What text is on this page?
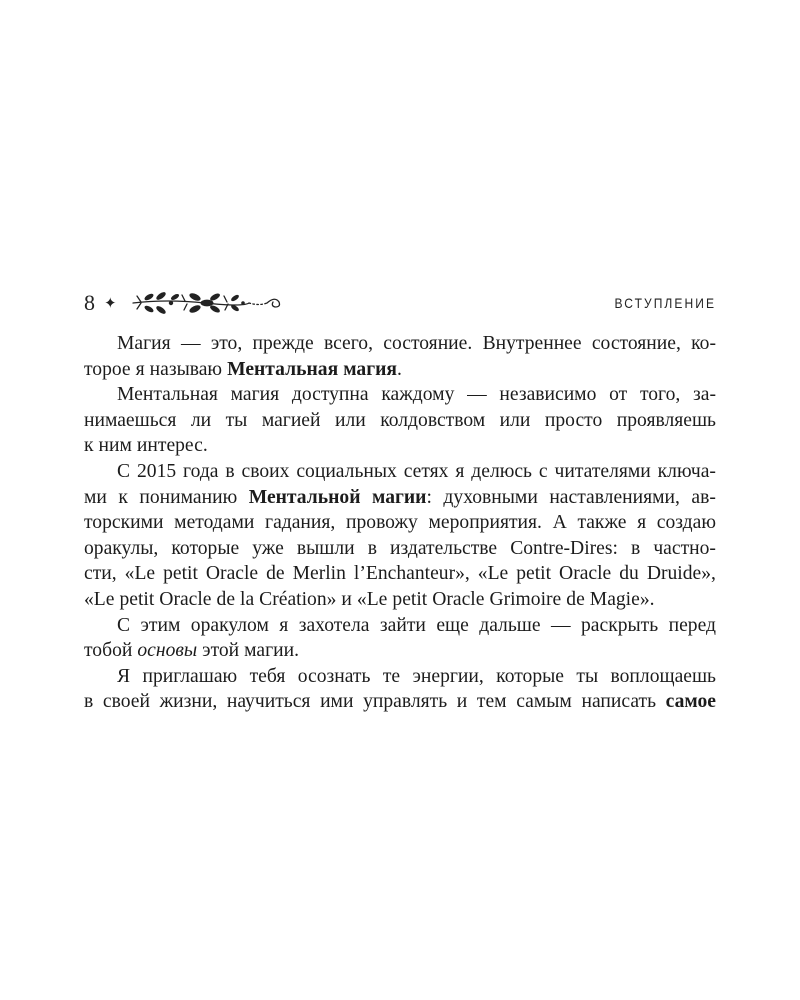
8 ✦	ВСТУПЛЕНИЕ
Магия — это, прежде всего, состояние. Внутреннее состояние, ко-
торое я называю Ментальная магия.
Ментальная магия доступна каждому — независимо от того, за-
нимаешься ли ты магией или колдовством или просто проявляешь
к ним интерес.
С 2015 года в своих социальных сетях я делюсь с читателями ключа-
ми к пониманию Ментальной магии: духовными наставлениями, ав-
торскими методами гадания, провожу мероприятия. А также я создаю
оракулы, которые уже вышли в издательстве Contre-Dires: в частно-
сти, «Le petit Oracle de Merlin l’Enchanteur», «Le petit Oracle du Druide»,
«Le petit Oracle de la Création» и «Le petit Oracle Grimoire de Magie».
С этим оракулом я захотела зайти еще дальше — раскрыть перед
тобой основы этой магии.
Я приглашаю тебя осознать те энергии, которые ты воплощаешь
в своей жизни, научиться ими управлять и тем самым написать самое
